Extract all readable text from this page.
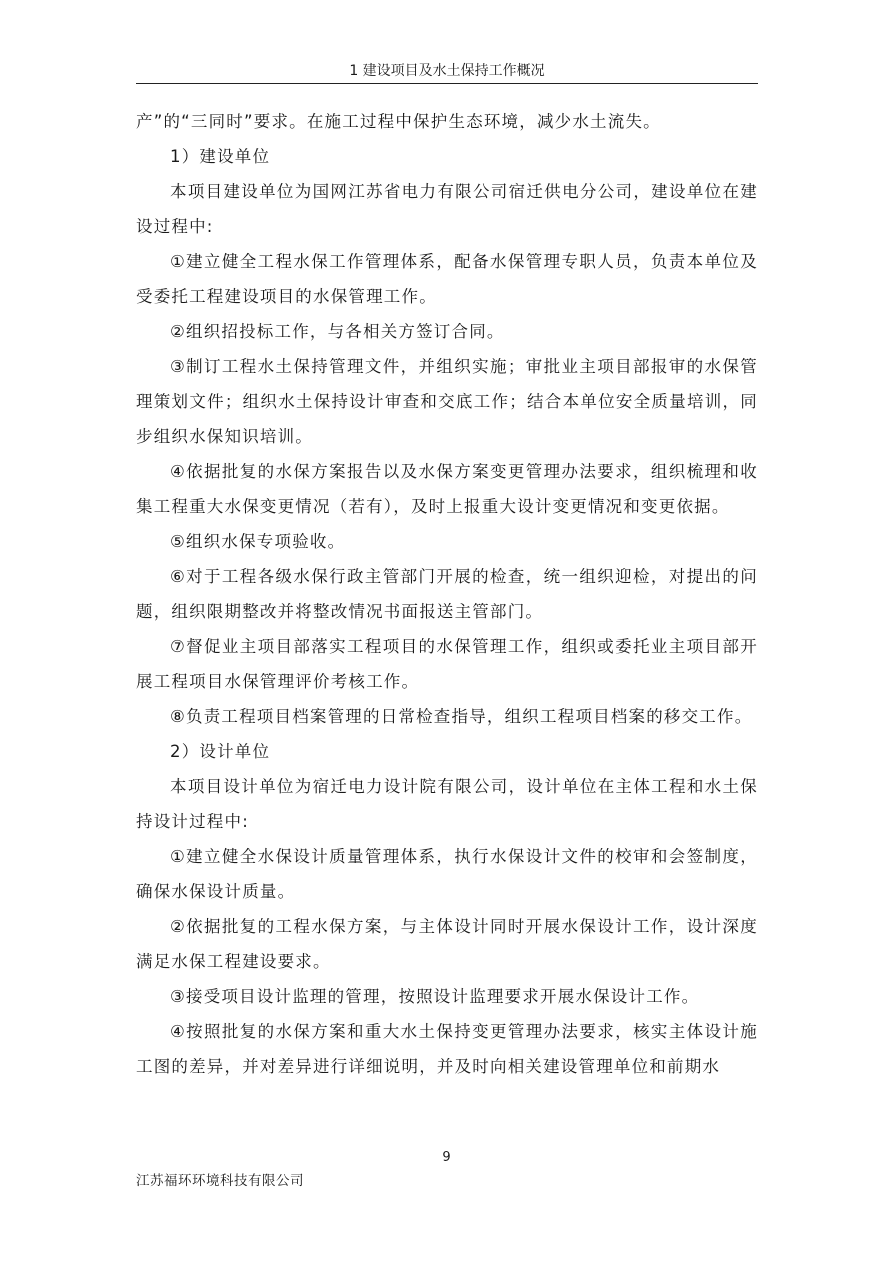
1 建设项目及水土保持工作概况

产”的“三同时”要求。在施工过程中保护生态环境，减少水土流失。

1）建设单位

本项目建设单位为国网江苏省电力有限公司宿迁供电分公司，建设单位在建设过程中:

①建立健全工程水保工作管理体系，配备水保管理专职人员，负责本单位及受委托工程建设项目的水保管理工作。

②组织招投标工作，与各相关方签订合同。

③制订工程水土保持管理文件，并组织实施；审批业主项目部报审的水保管理策划文件；组织水土保持设计审查和交底工作；结合本单位安全质量培训，同步组织水保知识培训。

④依据批复的水保方案报告以及水保方案变更管理办法要求，组织梳理和收集工程重大水保变更情况（若有），及时上报重大设计变更情况和变更依据。

⑤组织水保专项验收。

⑥对于工程各级水保行政主管部门开展的检查，统一组织迎检，对提出的问题，组织限期整改并将整改情况书面报送主管部门。

⑦督促业主项目部落实工程项目的水保管理工作，组织或委托业主项目部开展工程项目水保管理评价考核工作。

⑧负责工程项目档案管理的日常检查指导，组织工程项目档案的移交工作。

2）设计单位

本项目设计单位为宿迁电力设计院有限公司，设计单位在主体工程和水土保持设计过程中:

①建立健全水保设计质量管理体系，执行水保设计文件的校审和会签制度，确保水保设计质量。

②依据批复的工程水保方案，与主体设计同时开展水保设计工作，设计深度满足水保工程建设要求。

③接受项目设计监理的管理，按照设计监理要求开展水保设计工作。

④按照批复的水保方案和重大水土保持变更管理办法要求，核实主体设计施工图的差异，并对差异进行详细说明，并及时向相关建设管理单位和前期水

9
江苏福环环境科技有限公司
